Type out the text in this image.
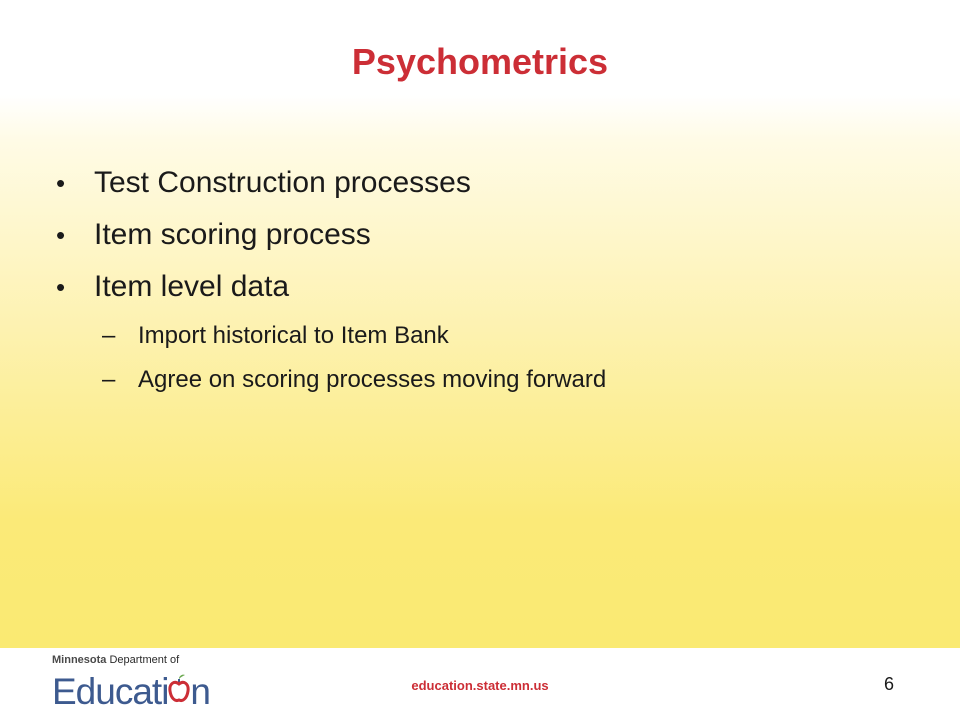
Psychometrics
• Test Construction processes
• Item scoring process
• Item level data
– Import historical to Item Bank
– Agree on scoring processes moving forward
Minnesota Department of
Educati n	education.state.mn.us	6
